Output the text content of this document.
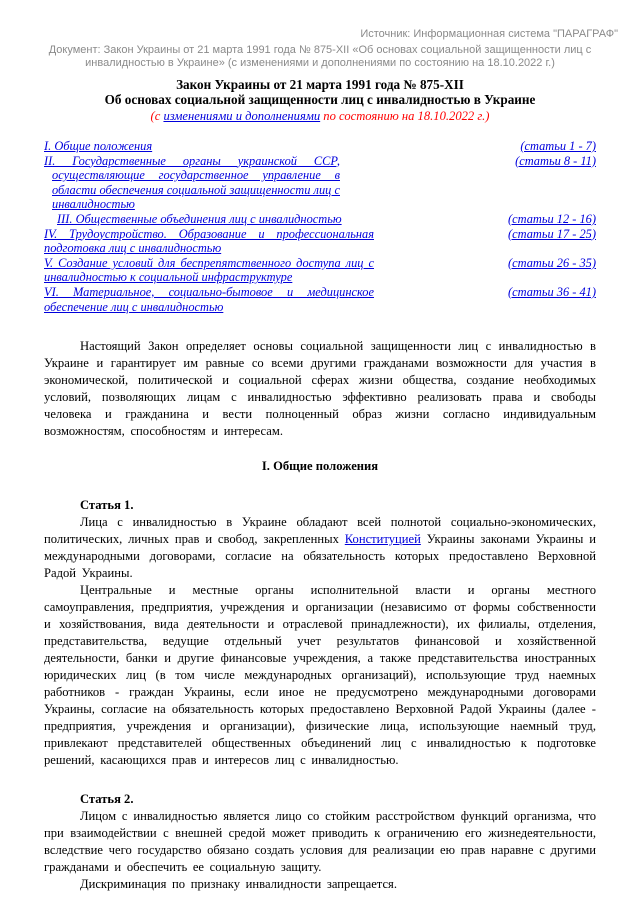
Источник: Информационная система "ПАРАГРАФ"
Документ: Закон Украины от 21 марта 1991 года № 875-XII «Об основах социальной защищенности лиц с инвалидностью в Украине» (с изменениями и дополнениями по состоянию на 18.10.2022 г.)
Закон Украины от 21 марта 1991 года № 875-XII
Об основах социальной защищенности лиц с инвалидностью в Украине
(с изменениями и дополнениями по состоянию на 18.10.2022 г.)
I. Общие положения	(статьи 1 - 7)
II. Государственные органы украинской ССР, осуществляющие государственное управление в области обеспечения социальной защищенности лиц с инвалидностью
(статьи 8 - 11)
III. Общественные объединения лиц с инвалидностью	(статьи 12 - 16)
IV. Трудоустройство. Образование и профессиональная подготовка лиц с инвалидностью
(статьи 17 - 25)
V. Создание условий для беспрепятственного доступа лиц с инвалидностью к социальной инфраструктуре
(статьи 26 - 35)
VI. Материальное, социально-бытовое и медицинское обеспечение лиц с инвалидностью
(статьи 36 - 41)

Настоящий Закон определяет основы социальной защищенности лиц с инвалидностью в Украине и гарантирует им равные со всеми другими гражданами возможности для участия в экономической, политической и социальной сферах жизни общества, создание необходимых условий, позволяющих лицам с инвалидностью эффективно реализовать права и свободы человека и гражданина и вести полноценный образ жизни согласно индивидуальным возможностям, способностям и интересам.

I. Общие положения
Статья 1.

Лица с инвалидностью в Украине обладают всей полнотой социально-экономических, политических, личных прав и свобод, закрепленных Конституцией Украины законами Украины и международными договорами, согласие на обязательность которых предоставлено Верховной Радой Украины.

Центральные и местные органы исполнительной власти и органы местного самоуправления, предприятия, учреждения и организации (независимо от формы собственности и хозяйствования, вида деятельности и отраслевой принадлежности), их филиалы, отделения, представительства, ведущие отдельный учет результатов финансовой и хозяйственной деятельности, банки и другие финансовые учреждения, а также представительства иностранных юридических лиц (в том числе международных организаций), использующие труд наемных работников - граждан Украины, если иное не предусмотрено международными договорами Украины, согласие на обязательность которых предоставлено Верховной Радой Украины (далее - предприятия, учреждения и организации), физические лица, использующие наемный труд, привлекают представителей общественных объединений лиц с инвалидностью к подготовке решений, касающихся прав и интересов лиц с инвалидностью.

Статья 2.

Лицом с инвалидностью является лицо со стойким расстройством функций организма, что при взаимодействии с внешней средой может приводить к ограничению его жизнедеятельности, вследствие чего государство обязано создать условия для реализации ею прав наравне с другими гражданами и обеспечить ее социальную защиту.

Дискриминация по признаку инвалидности запрещается.
